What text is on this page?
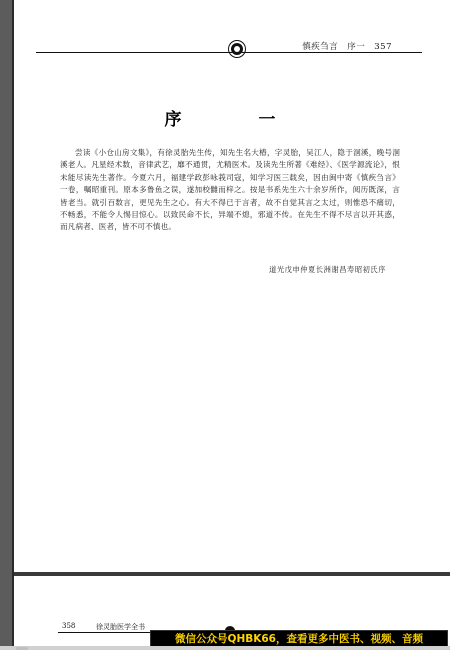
慎疾刍言　序一　357
序　一
尝读《小仓山房文集》，有徐灵胎先生传，知先生名大椿，字灵胎，吴江人，隐于洄溪，晚号洄溪老人。凡星经术数，音律武艺，靡不通贯，尤精医术。及读先生所著《难经》、《医学源流论》，恨未能尽读先生著作。今夏六月，福建学政彭咏莪司寇，知学习医三载矣，因由闽中寄《慎疾刍言》一卷，嘱昭重刊。原本多鲁鱼之误，遂加校雠而梓之。按是书系先生六十余岁所作，阅历既深，言皆老当。就引百数言，更见先生之心。有大不得已于言者，故不自觉其言之太过，则惟恐不痛切，不畅悉，不能令人惕目惊心。以致民命不长，异端不熄，邪道不传。在先生不得不尽言以开其惑，而凡病者、医者，皆不可不慎也。
道光戊申仲夏长洲谢昌寿昭初氏序
358	徐灵胎医学全书
微信公众号QHBK66，查看更多中医书、视频、音频
